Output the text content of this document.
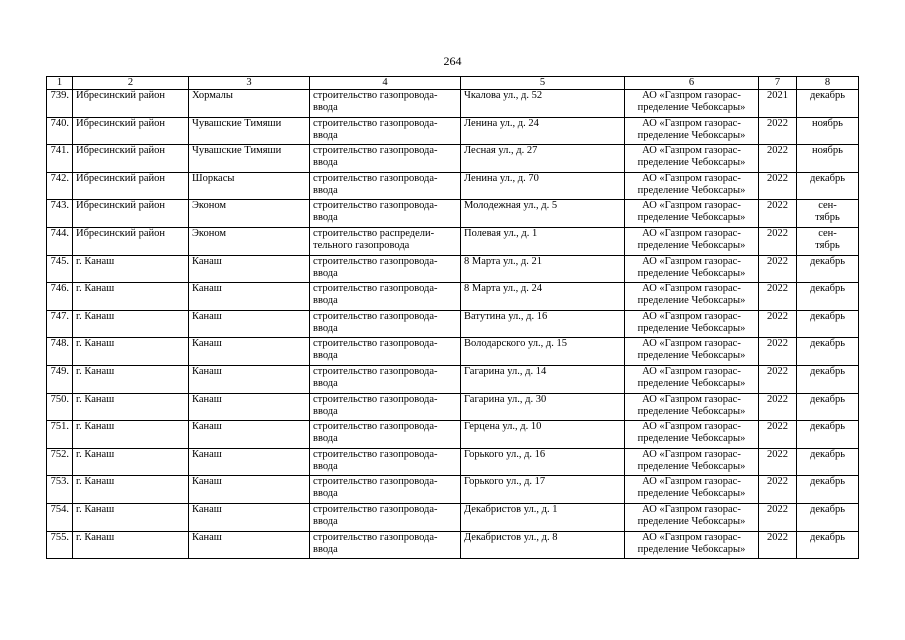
264
1	2	3	4	5	6	7	8
739.	Ибресинский район	Хормалы	строительство газопровода-
ввода	Чкалова ул., д. 52	АО «Газпром газорас-
пределение Чебоксары»	2021	декабрь

740.	Ибресинский район	Чувашские Тимяши	строительство газопровода-
ввода	Ленина ул., д. 24	АО «Газпром газорас-
пределение Чебоксары»	2022	ноябрь

741.	Ибресинский район	Чувашские Тимяши	строительство газопровода-
ввода	Лесная ул., д. 27	АО «Газпром газорас-
пределение Чебоксары»	2022	ноябрь

742.	Ибресинский район	Шоркасы	строительство газопровода-
ввода	Ленина ул., д. 70	АО «Газпром газорас-
пределение Чебоксары»	2022	декабрь

743.	Ибресинский район	Эконом	строительство газопровода-
ввода	Молодежная ул., д. 5	АО «Газпром газорас-
пределение Чебоксары»	2022	сен-
тябрь

744.	Ибресинский район	Эконом	строительство распредели-
тельного газопровода	Полевая ул., д. 1	АО «Газпром газорас-
пределение Чебоксары»	2022	сен-
тябрь

745.	г. Канаш	Канаш	строительство газопровода-
ввода	8 Марта ул., д. 21	АО «Газпром газорас-
пределение Чебоксары»	2022	декабрь

746.	г. Канаш	Канаш	строительство газопровода-
ввода	8 Марта ул., д. 24	АО «Газпром газорас-
пределение Чебоксары»	2022	декабрь

747.	г. Канаш	Канаш	строительство газопровода-
ввода	Ватутина ул., д. 16	АО «Газпром газорас-
пределение Чебоксары»	2022	декабрь

748.	г. Канаш	Канаш	строительство газопровода-
ввода	Володарского ул., д. 15	АО «Газпром газорас-
пределение Чебоксары»	2022	декабрь

749.	г. Канаш	Канаш	строительство газопровода-
ввода	Гагарина ул., д. 14	АО «Газпром газорас-
пределение Чебоксары»	2022	декабрь

750.	г. Канаш	Канаш	строительство газопровода-
ввода	Гагарина ул., д. 30	АО «Газпром газорас-
пределение Чебоксары»	2022	декабрь

751.	г. Канаш	Канаш	строительство газопровода-
ввода	Герцена ул., д. 10	АО «Газпром газорас-
пределение Чебоксары»	2022	декабрь

752.	г. Канаш	Канаш	строительство газопровода-
ввода	Горького ул., д. 16	АО «Газпром газорас-
пределение Чебоксары»	2022	декабрь

753.	г. Канаш	Канаш	строительство газопровода-
ввода	Горького ул., д. 17	АО «Газпром газорас-
пределение Чебоксары»	2022	декабрь

754.	г. Канаш	Канаш	строительство газопровода-
ввода	Декабристов ул., д. 1	АО «Газпром газорас-
пределение Чебоксары»	2022	декабрь

755.	г. Канаш	Канаш	строительство газопровода-
ввода	Декабристов ул., д. 8	АО «Газпром газорас-
пределение Чебоксары»	2022	декабрь
